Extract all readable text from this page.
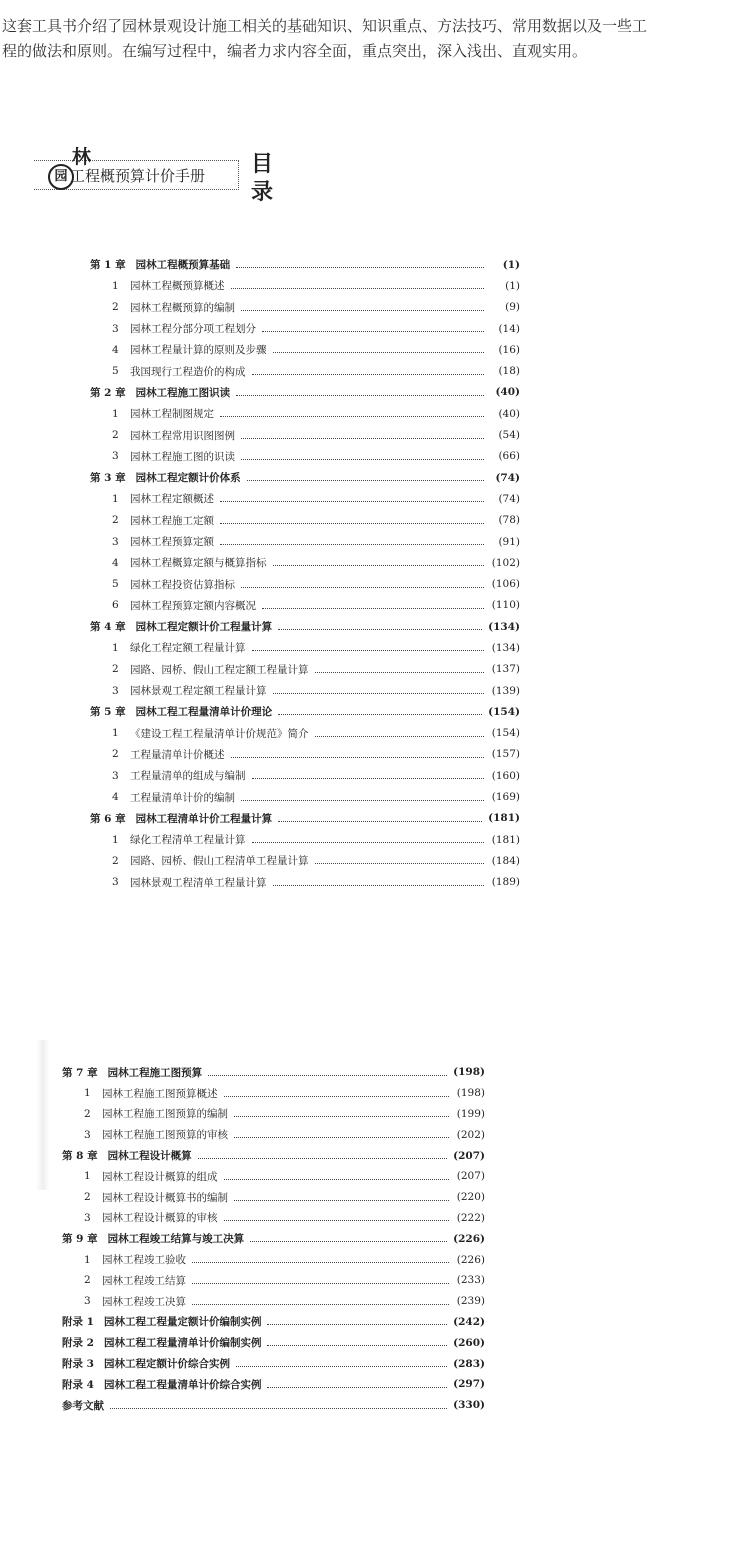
这套工具书介绍了园林景观设计施工相关的基础知识、知识重点、方法技巧、常用数据以及一些工
程的做法和原则。在编写过程中，编者力求内容全面，重点突出，深入浅出、直观实用。
园
林
工程概预算计价手册 目
录
第 1 章 园林工程概预算基础	(1)
1	园林工程概预算概述	(1)
2	园林工程概预算的编制	(9)
3	园林工程分部分项工程划分	(14)
4	园林工程量计算的原则及步骤	(16)
5	我国现行工程造价的构成	(18)
第 2 章 园林工程施工图识读	(40)
1	园林工程制图规定	(40)
2	园林工程常用识图图例	(54)
3	园林工程施工图的识读	(66)
第 3 章 园林工程定额计价体系	(74)
1	园林工程定额概述	(74)
2	园林工程施工定额	(78)
3	园林工程预算定额	(91)
4	园林工程概算定额与概算指标	(102)
5	园林工程投资估算指标	(106)
6	园林工程预算定额内容概况	(110)
第 4 章 园林工程定额计价工程量计算	(134)
1	绿化工程定额工程量计算	(134)
2	园路、园桥、假山工程定额工程量计算	(137)
3	园林景观工程定额工程量计算	(139)
第 5 章 园林工程工程量清单计价理论	(154)
1	《建设工程工程量清单计价规范》简介	(154)
2	工程量清单计价概述	(157)
3	工程量清单的组成与编制	(160)
4	工程量清单计价的编制	(169)
第 6 章 园林工程清单计价工程量计算	(181)
1	绿化工程清单工程量计算	(181)
2	园路、园桥、假山工程清单工程量计算	(184)
3	园林景观工程清单工程量计算	(189)
第 7 章 园林工程施工图预算	(198)
1	园林工程施工图预算概述	(198)
2	园林工程施工图预算的编制	(199)
3	园林工程施工图预算的审核	(202)
第 8 章 园林工程设计概算	(207)
1	园林工程设计概算的组成	(207)
2	园林工程设计概算书的编制	(220)
3	园林工程设计概算的审核	(222)
第 9 章 园林工程竣工结算与竣工决算	(226)
1	园林工程竣工验收	(226)
2	园林工程竣工结算	(233)
3	园林工程竣工决算	(239)
附录 1 园林工程工程量定额计价编制实例	(242)
附录 2 园林工程工程量清单计价编制实例	(260)
附录 3 园林工程定额计价综合实例	(283)
附录 4 园林工程工程量清单计价综合实例	(297)
参考文献	(330)
